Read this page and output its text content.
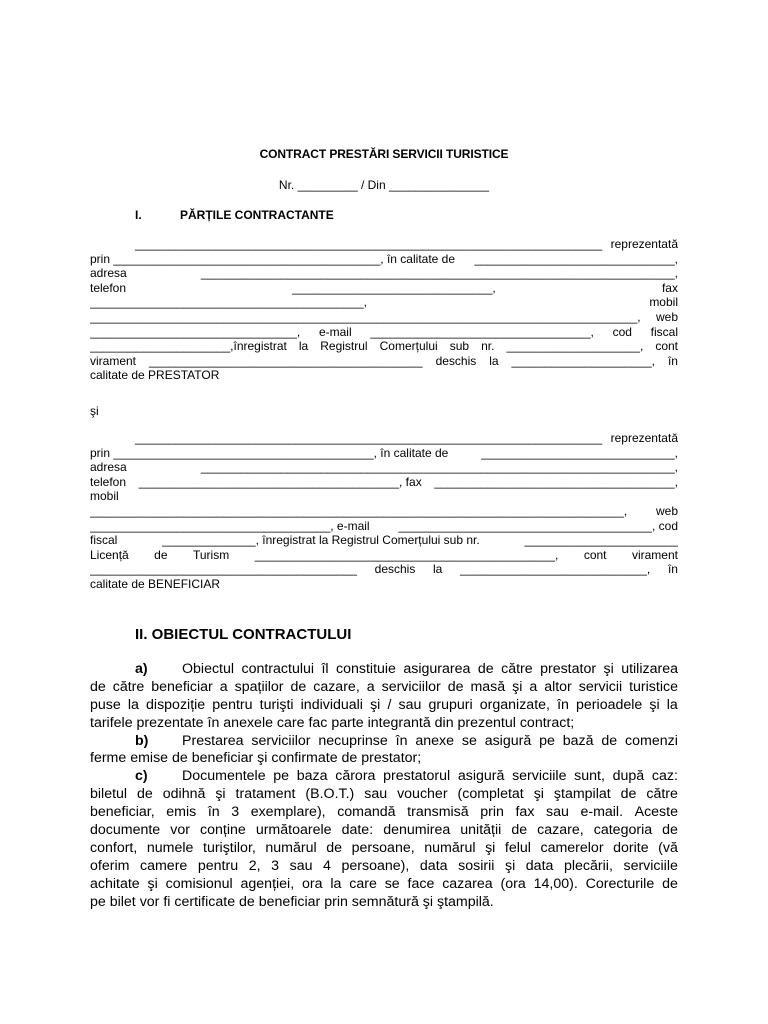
CONTRACT PRESTĂRI SERVICII TURISTICE
Nr. _________ / Din _______________
I.	PĂRȚILE CONTRACTANTE
______________________________________________________________________ reprezentată
prin ________________________________________, în calitate de ______________________________,
adresa	_______________________________________________________________________,
telefon	______________________________,	fax
_________________________________________,	mobil
__________________________________________________________________________________, web
_______________________________, e-mail _________________________________, cod fiscal
_____________________,înregistrat la Registrul Comerțului sub nr. ____________________, cont
virament _________________________________________ deschis la _____________________, în
calitate de PRESTATOR
şi
______________________________________________________________________ reprezentată
prin _______________________________________, în calitate de	_____________________________,
adresa	_______________________________________________________________________,
telefon _______________________________________, fax ____________________________________,
mobil
________________________________________________________________________________, web
____________________________________, e-mail ______________________________________, cod
fiscal	______________, înregistrat la Registrul Comerțului sub nr.	_______________________
Licență de Turism _____________________________________________, cont virament
________________________________________ deschis la ____________________________, în
calitate de BENEFICIAR
II. OBIECTUL CONTRACTULUI
a)	Obiectul contractului îl constituie asigurarea de către prestator şi utilizarea
de către beneficiar a spațiilor de cazare, a serviciilor de masă şi a altor servicii turistice
puse la dispoziție pentru turişti individuali şi / sau grupuri organizate, în perioadele şi la
tarifele prezentate în anexele care fac parte integrantă din prezentul contract;
b)	Prestarea serviciilor necuprinse în anexe se asigură pe bază de comenzi
ferme emise de beneficiar şi confirmate de prestator;
c)	Documentele pe baza cărora prestatorul asigură serviciile sunt, după caz:
biletul de odihnă şi tratament (B.O.T.) sau voucher (completat şi ştampilat de către
beneficiar, emis în 3 exemplare), comandă transmisă prin fax sau e-mail. Aceste
documente vor conține următoarele date: denumirea unității de cazare, categoria de
confort, numele turiştilor, numărul de persoane, numărul şi felul camerelor dorite (vă
oferim camere pentru 2, 3 sau 4 persoane), data sosirii şi data plecării, serviciile
achitate şi comisionul agenției, ora la care se face cazarea (ora 14,00). Corecturile de
pe bilet vor fi certificate de beneficiar prin semnătură şi ştampilă.
